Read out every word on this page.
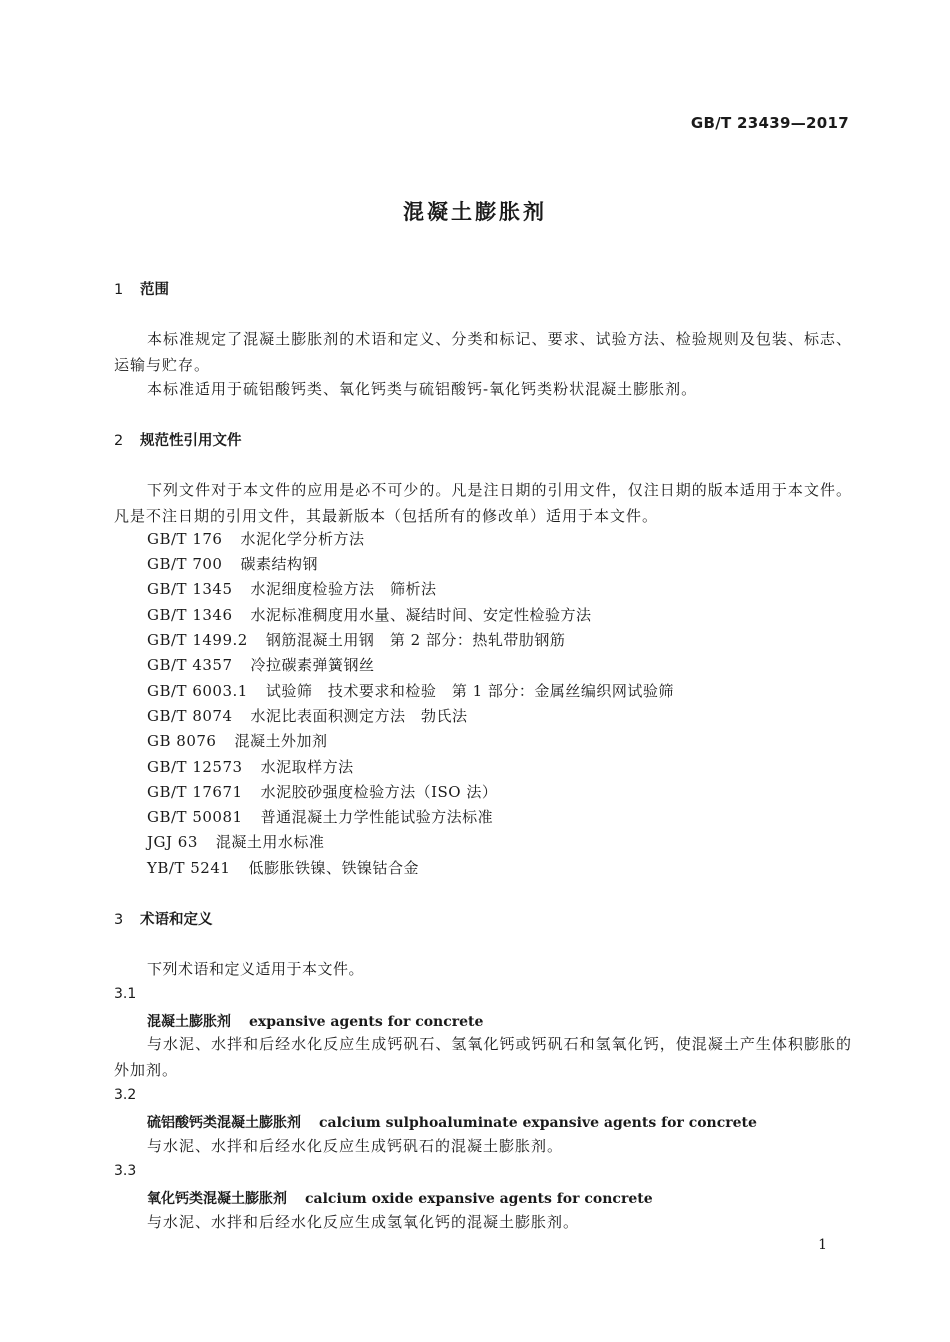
GB/T 23439—2017
混凝土膨胀剂
1 范围
本标准规定了混凝土膨胀剂的术语和定义、分类和标记、要求、试验方法、检验规则及包装、标志、运输与贮存。
本标准适用于硫铝酸钙类、氧化钙类与硫铝酸钙-氧化钙类粉状混凝土膨胀剂。
2 规范性引用文件
下列文件对于本文件的应用是必不可少的。凡是注日期的引用文件，仅注日期的版本适用于本文件。凡是不注日期的引用文件，其最新版本（包括所有的修改单）适用于本文件。
GB/T 176 水泥化学分析方法
GB/T 700 碳素结构钢
GB/T 1345 水泥细度检验方法　筛析法
GB/T 1346 水泥标准稠度用水量、凝结时间、安定性检验方法
GB/T 1499.2 钢筋混凝土用钢　第 2 部分：热轧带肋钢筋
GB/T 4357 冷拉碳素弹簧钢丝
GB/T 6003.1 试验筛　技术要求和检验　第 1 部分：金属丝编织网试验筛
GB/T 8074 水泥比表面积测定方法　勃氏法
GB 8076 混凝土外加剂
GB/T 12573 水泥取样方法
GB/T 17671 水泥胶砂强度检验方法（ISO 法）
GB/T 50081 普通混凝土力学性能试验方法标准
JGJ 63 混凝土用水标准
YB/T 5241 低膨胀铁镍、铁镍钴合金
3 术语和定义
下列术语和定义适用于本文件。
3.1
混凝土膨胀剂 expansive agents for concrete
与水泥、水拌和后经水化反应生成钙矾石、氢氧化钙或钙矾石和氢氧化钙，使混凝土产生体积膨胀的外加剂。
3.2
硫铝酸钙类混凝土膨胀剂 calcium sulphoaluminate expansive agents for concrete
与水泥、水拌和后经水化反应生成钙矾石的混凝土膨胀剂。
3.3
氧化钙类混凝土膨胀剂 calcium oxide expansive agents for concrete
与水泥、水拌和后经水化反应生成氢氧化钙的混凝土膨胀剂。
1
